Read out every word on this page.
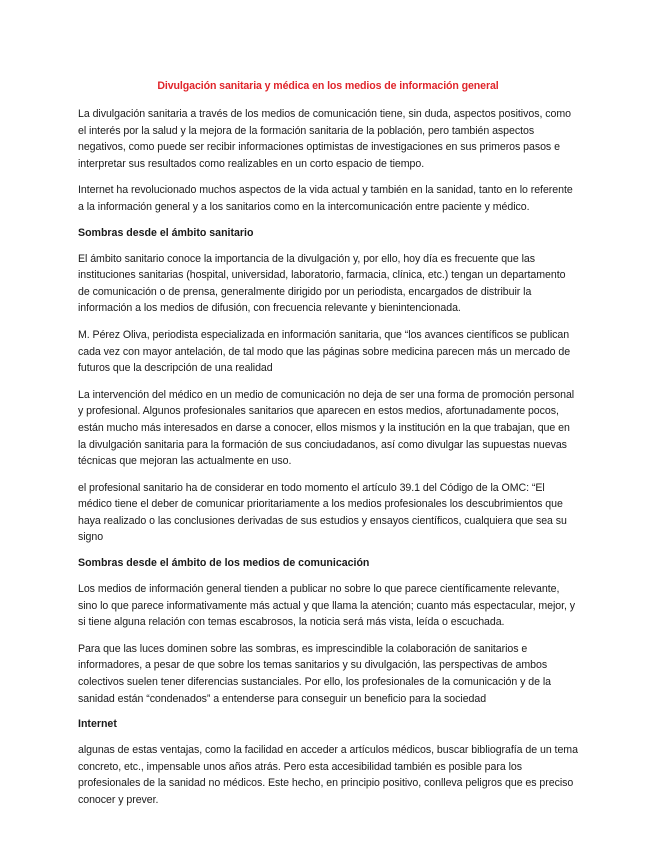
Divulgación sanitaria y médica en los medios de información general

La divulgación sanitaria a través de los medios de comunicación tiene, sin duda, aspectos positivos, como el interés por la salud y la mejora de la formación sanitaria de la población, pero también aspectos negativos, como puede ser recibir informaciones optimistas de investigaciones en sus primeros pasos e interpretar sus resultados como realizables en un corto espacio de tiempo.

Internet ha revolucionado muchos aspectos de la vida actual y también en la sanidad, tanto en lo referente a la información general y a los sanitarios como en la intercomunicación entre paciente y médico.

Sombras desde el ámbito sanitario

El ámbito sanitario conoce la importancia de la divulgación y, por ello, hoy día es frecuente que las instituciones sanitarias (hospital, universidad, laboratorio, farmacia, clínica, etc.) tengan un departamento de comunicación o de prensa, generalmente dirigido por un periodista, encargados de distribuir la información a los medios de difusión, con frecuencia relevante y bienintencionada.

M. Pérez Oliva, periodista especializada en información sanitaria, que “los avances científicos se publican cada vez con mayor antelación, de tal modo que las páginas sobre medicina parecen más un mercado de futuros que la descripción de una realidad

La intervención del médico en un medio de comunicación no deja de ser una forma de promoción personal y profesional. Algunos profesionales sanitarios que aparecen en estos medios, afortunadamente pocos, están mucho más interesados en darse a conocer, ellos mismos y la institución en la que trabajan, que en la divulgación sanitaria para la formación de sus conciudadanos, así como divulgar las supuestas nuevas técnicas que mejoran las actualmente en uso.

el profesional sanitario ha de considerar en todo momento el artículo 39.1 del Código de la OMC: “El médico tiene el deber de comunicar prioritariamente a los medios profesionales los descubrimientos que haya realizado o las conclusiones derivadas de sus estudios y ensayos científicos, cualquiera que sea su signo

Sombras desde el ámbito de los medios de comunicación

Los medios de información general tienden a publicar no sobre lo que parece científicamente relevante, sino lo que parece informativamente más actual y que llama la atención; cuanto más espectacular, mejor, y si tiene alguna relación con temas escabrosos, la noticia será más vista, leída o escuchada.

Para que las luces dominen sobre las sombras, es imprescindible la colaboración de sanitarios e informadores, a pesar de que sobre los temas sanitarios y su divulgación, las perspectivas de ambos colectivos suelen tener diferencias sustanciales. Por ello, los profesionales de la comunicación y de la sanidad están “condenados” a entenderse para conseguir un beneficio para la sociedad

Internet

algunas de estas ventajas, como la facilidad en acceder a artículos médicos, buscar bibliografía de un tema concreto, etc., impensable unos años atrás. Pero esta accesibilidad también es posible para los profesionales de la sanidad no médicos. Este hecho, en principio positivo, conlleva peligros que es preciso conocer y prever.
